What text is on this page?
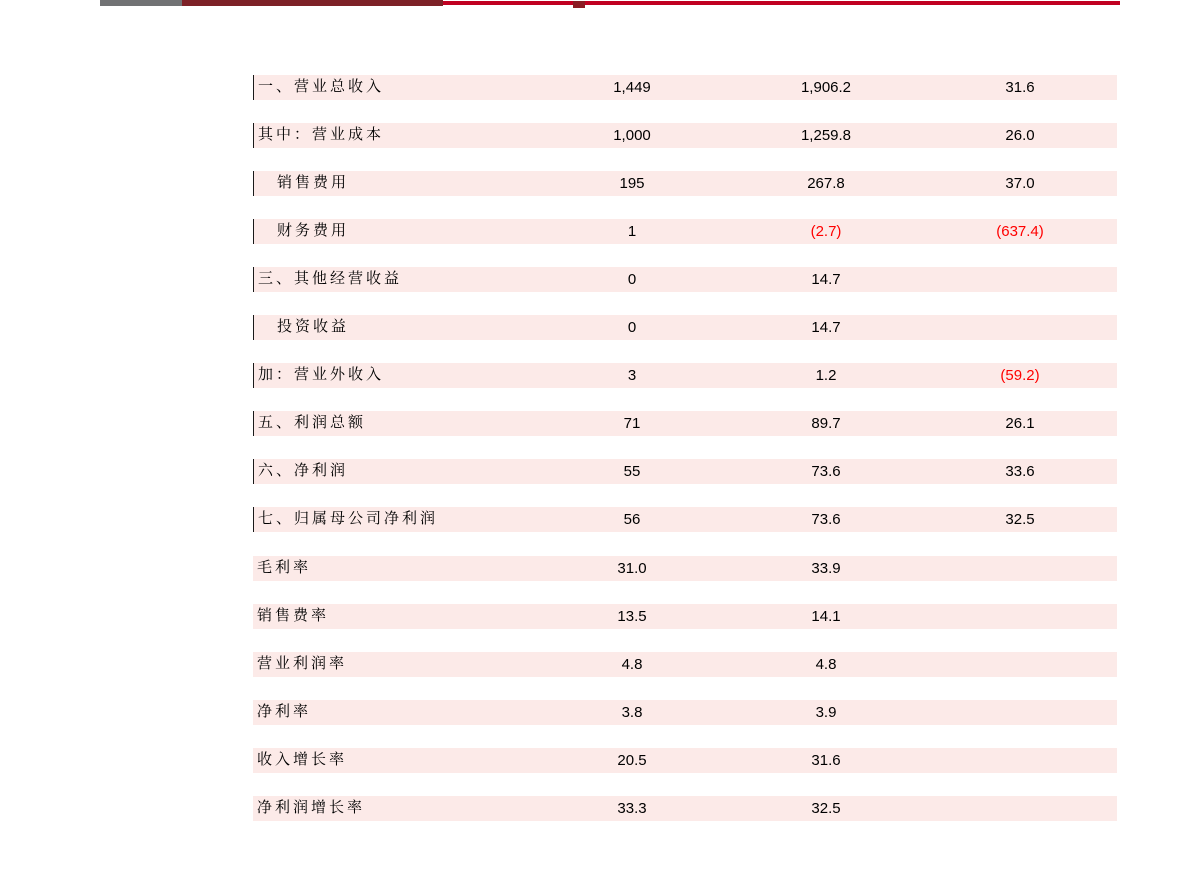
一、营业总收入	1,449	1,906.2	31.6
其中：营业成本	1,000	1,259.8	26.0
销售费用	195	267.8	37.0
财务费用	1	(2.7)	(637.4)
三、其他经营收益	0	14.7
投资收益	0	14.7
加：营业外收入	3	1.2	(59.2)
五、利润总额	71	89.7	26.1
六、净利润	55	73.6	33.6
七、归属母公司净利润	56	73.6	32.5
毛利率	31.0	33.9
销售费率	13.5	14.1
营业利润率	4.8	4.8
净利率	3.8	3.9
收入增长率	20.5	31.6
净利润增长率	33.3	32.5
